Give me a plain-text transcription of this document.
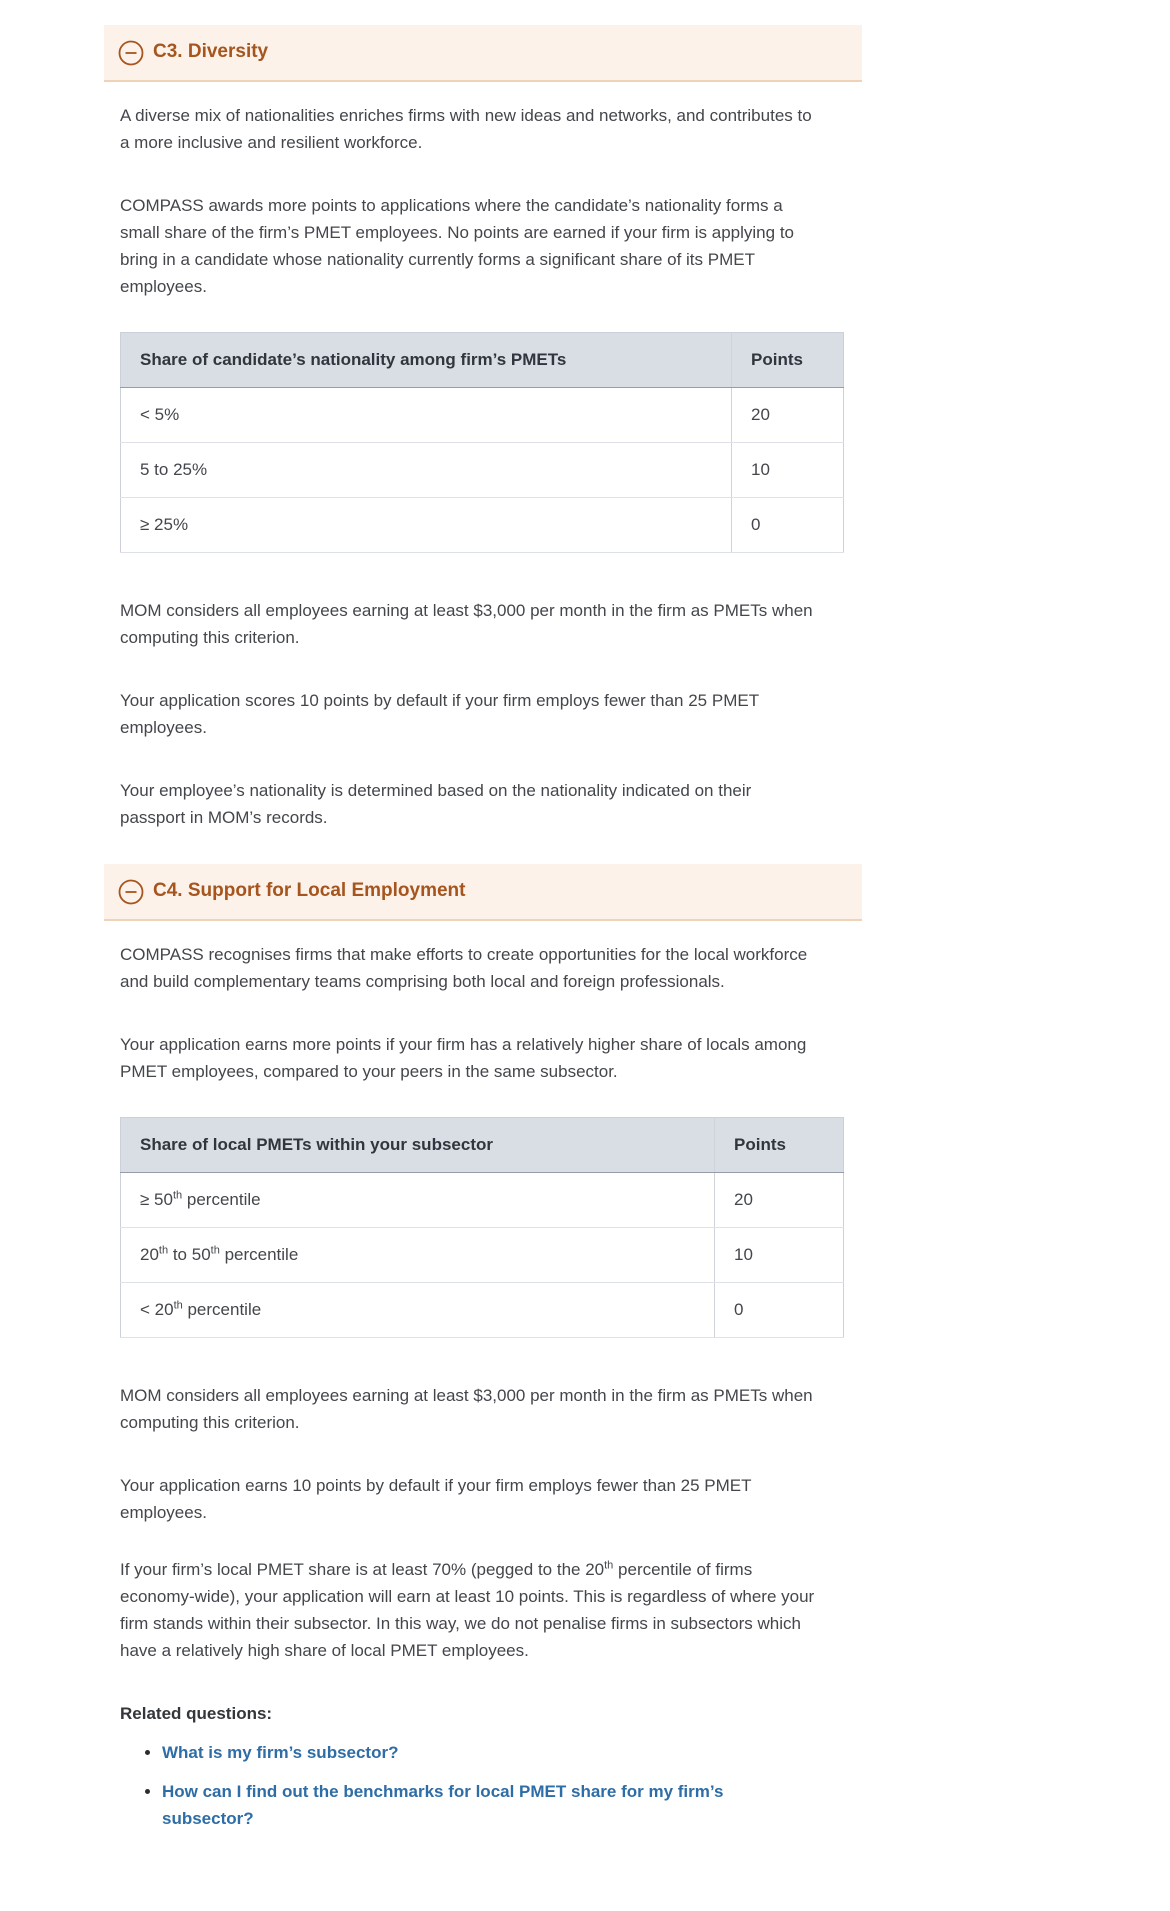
C3. Diversity

A diverse mix of nationalities enriches firms with new ideas and networks, and contributes to a more inclusive and resilient workforce.

COMPASS awards more points to applications where the candidate’s nationality forms a small share of the firm’s PMET employees. No points are earned if your firm is applying to bring in a candidate whose nationality currently forms a significant share of its PMET employees.

Share of candidate’s nationality among firm’s PMETs	Points
< 5%	20
5 to 25%	10
≥ 25%	0

MOM considers all employees earning at least $3,000 per month in the firm as PMETs when computing this criterion.

Your application scores 10 points by default if your firm employs fewer than 25 PMET employees.

Your employee’s nationality is determined based on the nationality indicated on their passport in MOM’s records.

C4. Support for Local Employment

COMPASS recognises firms that make efforts to create opportunities for the local workforce and build complementary teams comprising both local and foreign professionals.

Your application earns more points if your firm has a relatively higher share of locals among PMET employees, compared to your peers in the same subsector.

Share of local PMETs within your subsector	Points
≥ 50th percentile	20
20th to 50th percentile	10
< 20th percentile	0

MOM considers all employees earning at least $3,000 per month in the firm as PMETs when computing this criterion.

Your application earns 10 points by default if your firm employs fewer than 25 PMET employees.

If your firm’s local PMET share is at least 70% (pegged to the 20th percentile of firms economy-wide), your application will earn at least 10 points. This is regardless of where your firm stands within their subsector. In this way, we do not penalise firms in subsectors which have a relatively high share of local PMET employees.

Related questions:

• What is my firm’s subsector?
• How can I find out the benchmarks for local PMET share for my firm’s subsector?
